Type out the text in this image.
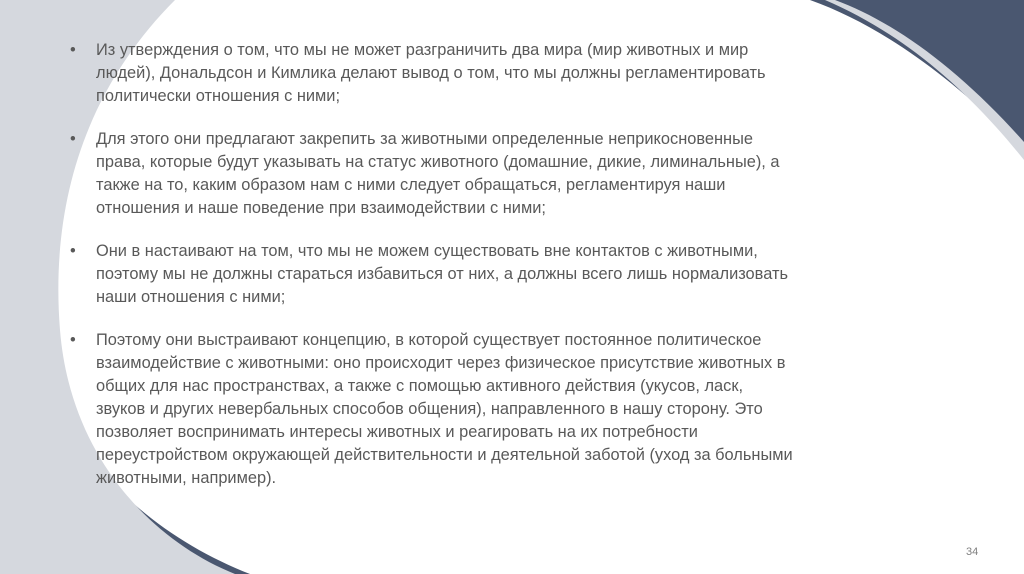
• Из утверждения о том, что мы не может разграничить два мира (мир животных и мир
людей), Дональдсон и Кимлика делают вывод о том, что мы должны регламентировать
политически отношения с ними;
• Для этого они предлагают закрепить за животными определенные неприкосновенные
права, которые будут указывать на статус животного (домашние, дикие, лиминальные), а
также на то, каким образом нам с ними следует обращаться, регламентируя наши
отношения и наше поведение при взаимодействии с ними;
• Они в настаивают на том, что мы не можем существовать вне контактов с животными,
поэтому мы не должны стараться избавиться от них, а должны всего лишь нормализовать
наши отношения с ними;
• Поэтому они выстраивают концепцию, в которой существует постоянное политическое
взаимодействие с животными: оно происходит через физическое присутствие животных в
общих для нас пространствах, а также с помощью активного действия (укусов, ласк,
звуков и других невербальных способов общения), направленного в нашу сторону. Это
позволяет воспринимать интересы животных и реагировать на их потребности
переустройством окружающей действительности и деятельной заботой (уход за больными
животными, например).
34
